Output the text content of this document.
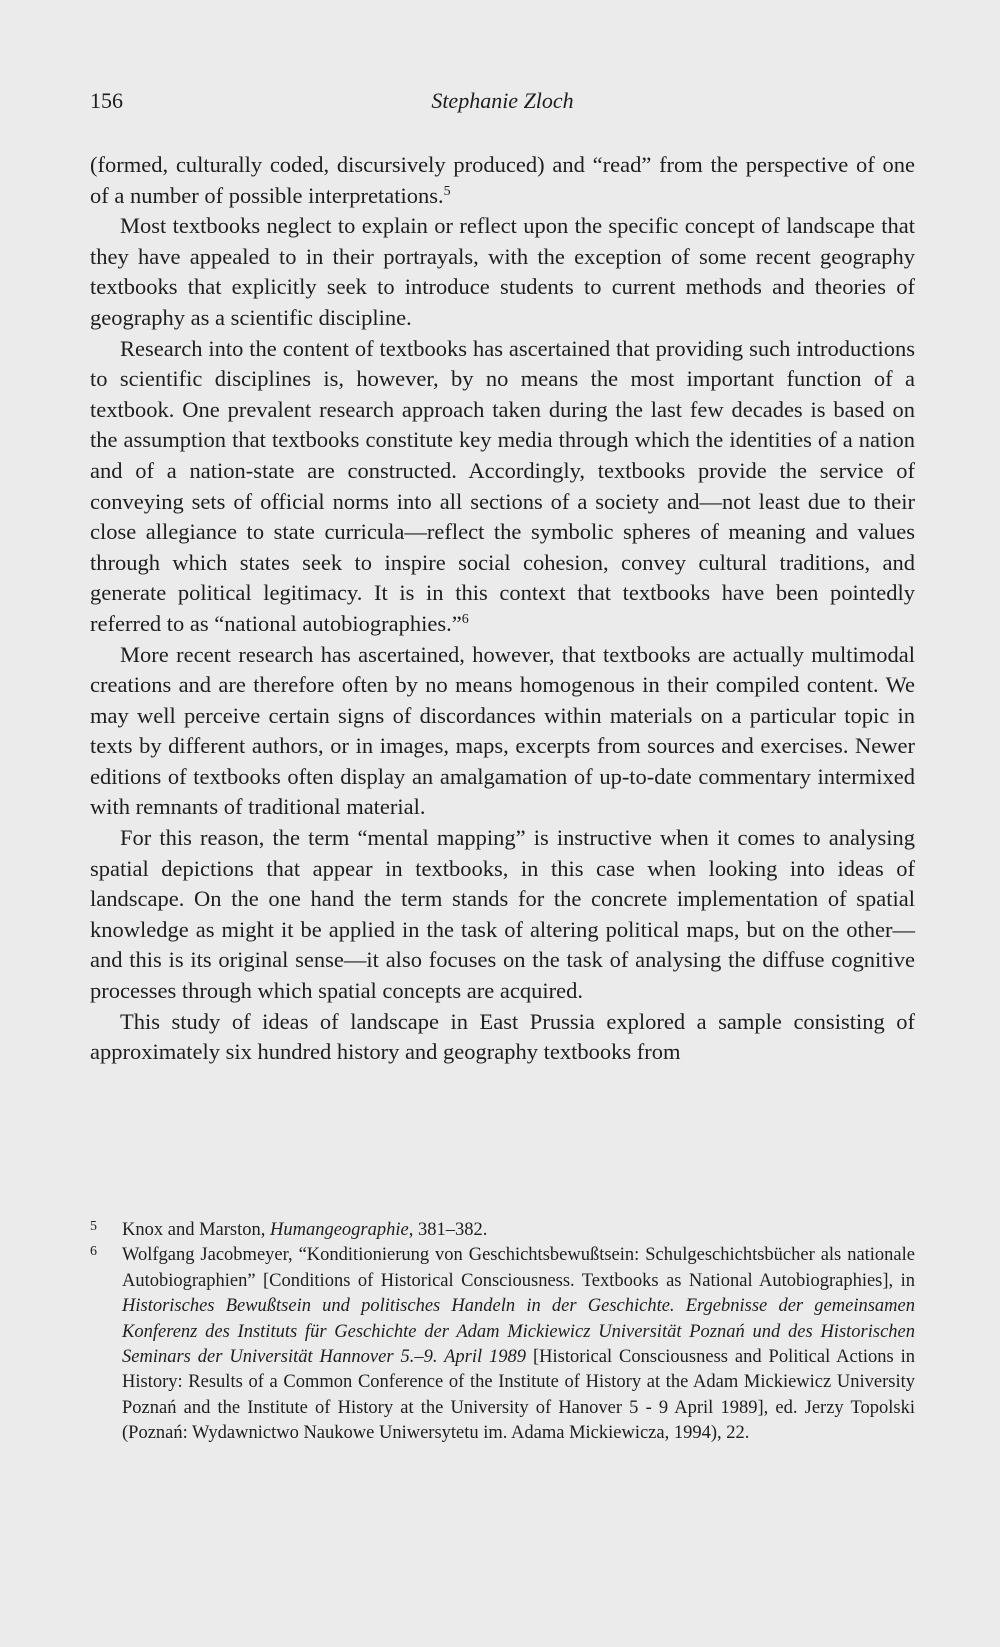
156	Stephanie Zloch

(formed, culturally coded, discursively produced) and “read” from the perspective of one of a number of possible interpretations.$^5$

Most textbooks neglect to explain or reflect upon the specific concept of landscape that they have appealed to in their portrayals, with the exception of some recent geography textbooks that explicitly seek to introduce students to current methods and theories of geography as a scientific discipline.

Research into the content of textbooks has ascertained that providing such introductions to scientific disciplines is, however, by no means the most important function of a textbook. One prevalent research approach taken during the last few decades is based on the assumption that textbooks constitute key media through which the identities of a nation and of a nation-state are constructed. Accordingly, textbooks provide the service of conveying sets of official norms into all sections of a society and—not least due to their close allegiance to state curricula—reflect the symbolic spheres of meaning and values through which states seek to inspire social cohesion, convey cultural traditions, and generate political legitimacy. It is in this context that textbooks have been pointedly referred to as “national autobiographies.”$^6$

More recent research has ascertained, however, that textbooks are actually multimodal creations and are therefore often by no means homogenous in their compiled content. We may well perceive certain signs of discordances within materials on a particular topic in texts by different authors, or in images, maps, excerpts from sources and exercises. Newer editions of textbooks often display an amalgamation of up-to-date commentary intermixed with remnants of traditional material.

For this reason, the term “mental mapping” is instructive when it comes to analysing spatial depictions that appear in textbooks, in this case when looking into ideas of landscape. On the one hand the term stands for the concrete implementation of spatial knowledge as might it be applied in the task of altering political maps, but on the other—and this is its original sense—it also focuses on the task of analysing the diffuse cognitive processes through which spatial concepts are acquired.

This study of ideas of landscape in East Prussia explored a sample consisting of approximately six hundred history and geography textbooks from

5 Knox and Marston, Humangeographie, 381–382.

6 Wolfgang Jacobmeyer, “Konditionierung von Geschichtsbewußtsein: Schulgeschichtsbücher als nationale Autobiographien” [Conditions of Historical Consciousness. Textbooks as National Autobiographies], in Historisches Bewußtsein und politisches Handeln in der Geschichte. Ergebnisse der gemeinsamen Konferenz des Instituts für Geschichte der Adam Mickiewicz Universität Poznań und des Historischen Seminars der Universität Hannover 5.–9. April 1989 [Historical Consciousness and Political Actions in History: Results of a Common Conference of the Institute of History at the Adam Mickiewicz University Poznań and the Institute of History at the University of Hanover 5 - 9 April 1989], ed. Jerzy Topolski (Poznań: Wydawnictwo Naukowe Uniwersytetu im. Adama Mickiewicza, 1994), 22.
